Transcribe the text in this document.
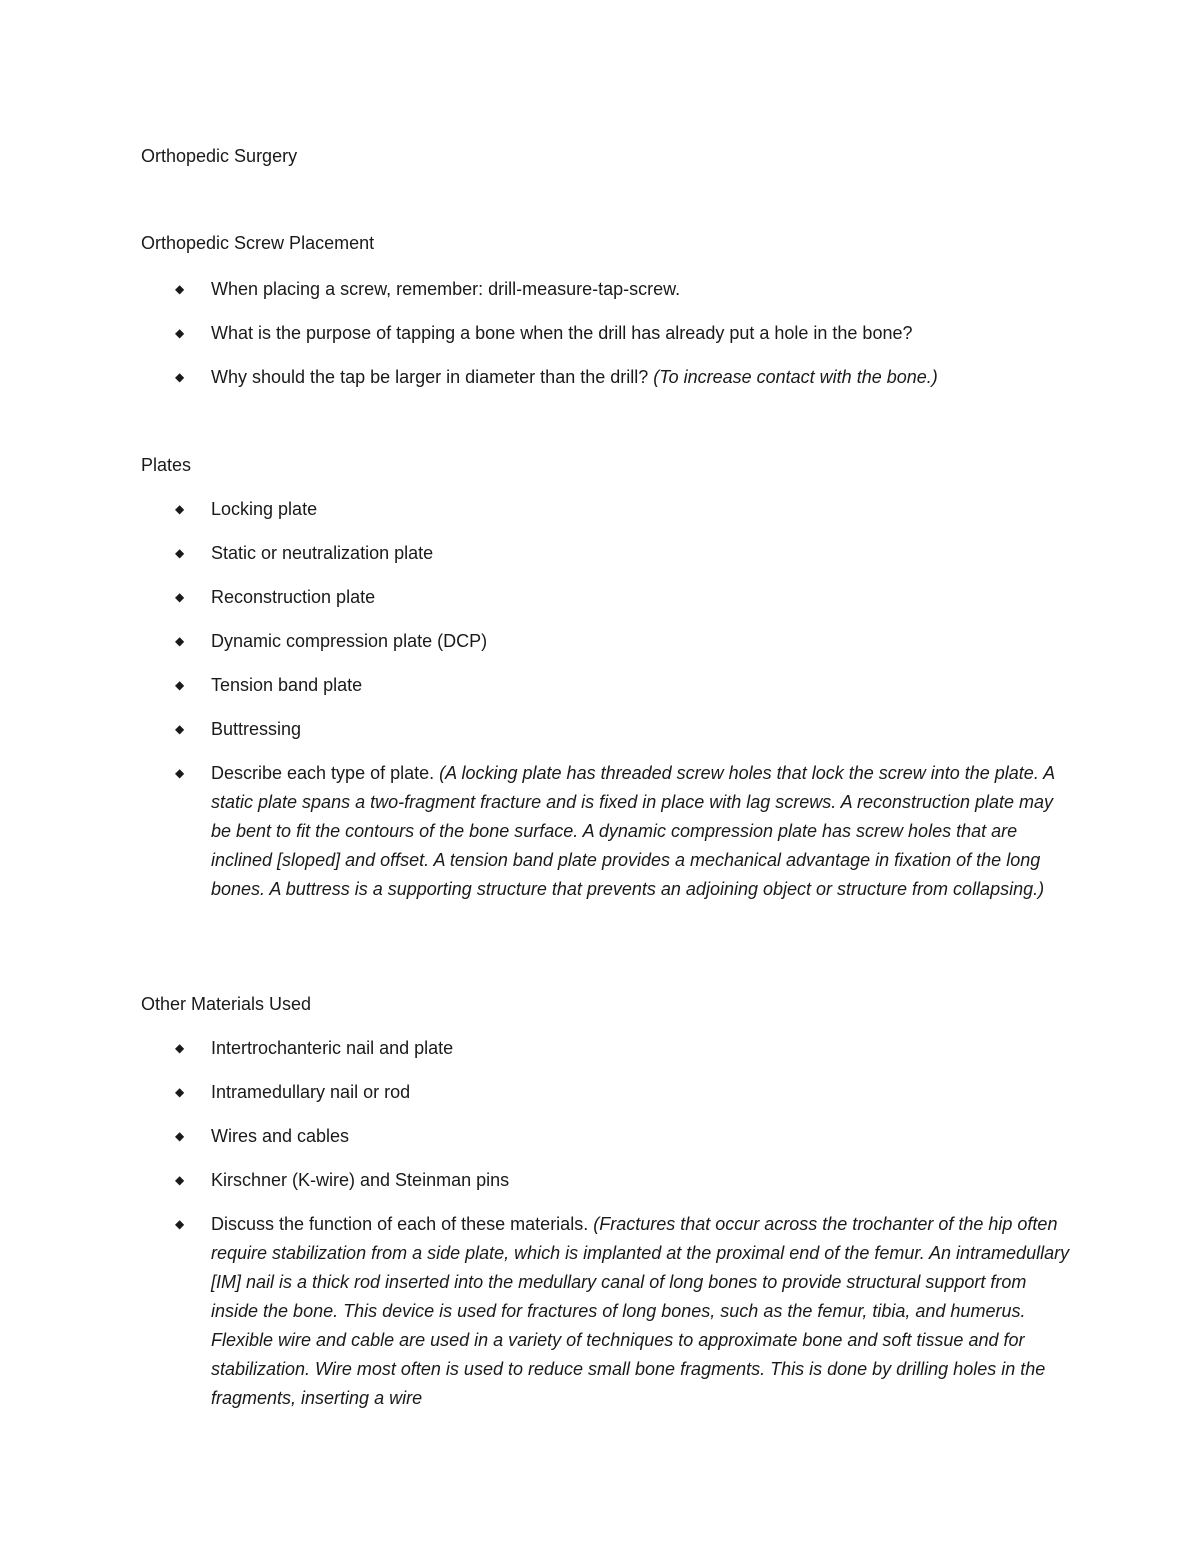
Orthopedic Surgery
Orthopedic Screw Placement
◆ When placing a screw, remember: drill-measure-tap-screw.
◆ What is the purpose of tapping a bone when the drill has already put a hole in the bone?
◆ Why should the tap be larger in diameter than the drill? (To increase contact with the bone.)
Plates
◆ Locking plate
◆ Static or neutralization plate
◆ Reconstruction plate
◆ Dynamic compression plate (DCP)
◆ Tension band plate
◆ Buttressing
◆ Describe each type of plate. (A locking plate has threaded screw holes that lock the screw into the plate. A static plate spans a two-fragment fracture and is fixed in place with lag screws. A reconstruction plate may be bent to fit the contours of the bone surface. A dynamic compression plate has screw holes that are inclined [sloped] and offset. A tension band plate provides a mechanical advantage in fixation of the long bones. A buttress is a supporting structure that prevents an adjoining object or structure from collapsing.)
Other Materials Used
◆ Intertrochanteric nail and plate
◆ Intramedullary nail or rod
◆ Wires and cables
◆ Kirschner (K-wire) and Steinman pins
◆ Discuss the function of each of these materials. (Fractures that occur across the trochanter of the hip often require stabilization from a side plate, which is implanted at the proximal end of the femur. An intramedullary [IM] nail is a thick rod inserted into the medullary canal of long bones to provide structural support from inside the bone. This device is used for fractures of long bones, such as the femur, tibia, and humerus. Flexible wire and cable are used in a variety of techniques to approximate bone and soft tissue and for stabilization. Wire most often is used to reduce small bone fragments. This is done by drilling holes in the fragments, inserting a wire
